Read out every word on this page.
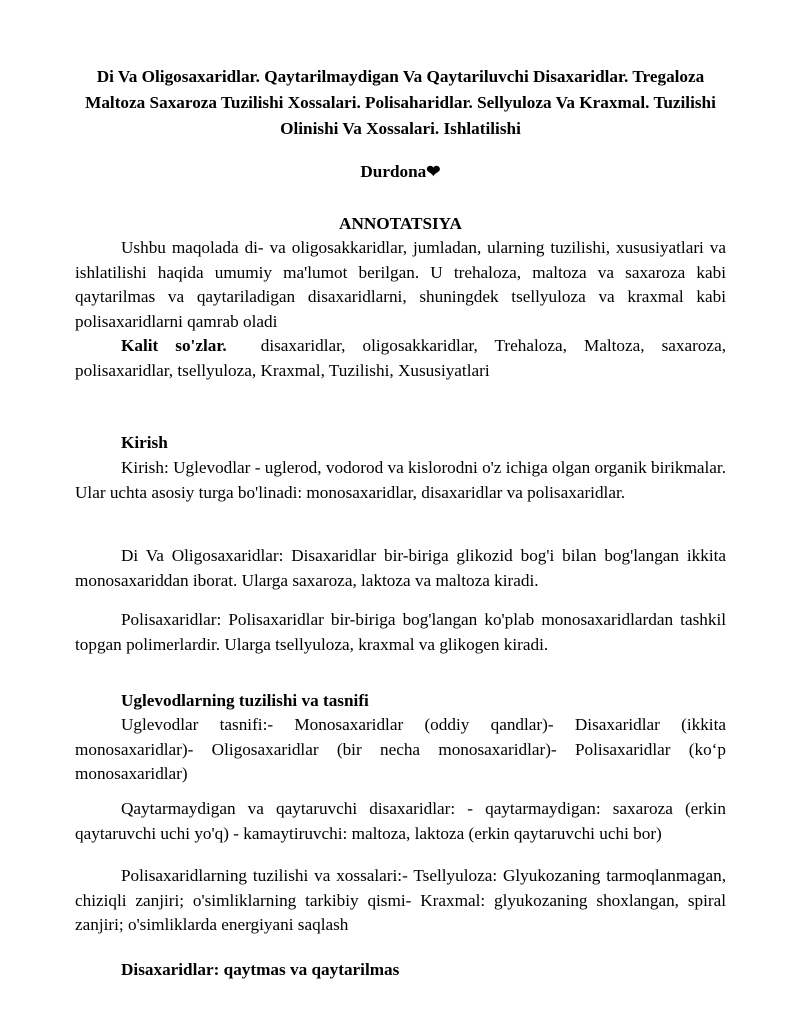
Di Va Oligosaxaridlar. Qaytarilmaydigan Va Qaytariluvchi Disaxaridlar. Tregaloza Maltoza Saxaroza Tuzilishi Xossalari. Polisaharidlar. Sellyuloza Va Kraxmal. Tuzilishi Olinishi Va Xossalari. Ishlatilishi
Durdona❤
ANNOTATSIYA

Ushbu maqolada di- va oligosakkaridlar, jumladan, ularning tuzilishi, xususiyatlari va ishlatilishi haqida umumiy ma'lumot berilgan. U trehaloza, maltoza va saxaroza kabi qaytarilmas va qaytariladigan disaxaridlarni, shuningdek tsellyuloza va kraxmal kabi polisaxaridlarni qamrab oladi

Kalit so'zlar. disaxaridlar, oligosakkaridlar, Trehaloza, Maltoza, saxaroza, polisaxaridlar, tsellyuloza, Kraxmal, Tuzilishi, Xususiyatlari

Kirish

Kirish: Uglevodlar - uglerod, vodorod va kislorodni o'z ichiga olgan organik birikmalar. Ular uchta asosiy turga bo'linadi: monosaxaridlar, disaxaridlar va polisaxaridlar.

Di Va Oligosaxaridlar: Disaxaridlar bir-biriga glikozid bog'i bilan bog'langan ikkita monosaxariddan iborat. Ularga saxaroza, laktoza va maltoza kiradi.

Polisaxaridlar: Polisaxaridlar bir-biriga bog'langan ko'plab monosaxaridlardan tashkil topgan polimerlardir. Ularga tsellyuloza, kraxmal va glikogen kiradi.

Uglevodlarning tuzilishi va tasnifi

Uglevodlar tasnifi:- Monosaxaridlar (oddiy qandlar)- Disaxaridlar (ikkita monosaxaridlar)- Oligosaxaridlar (bir necha monosaxaridlar)- Polisaxaridlar (ko‘p monosaxaridlar)

Qaytarmaydigan va qaytaruvchi disaxaridlar: - qaytarmaydigan: saxaroza (erkin qaytaruvchi uchi yo'q) - kamaytiruvchi: maltoza, laktoza (erkin qaytaruvchi uchi bor)

Polisaxaridlarning tuzilishi va xossalari:- Tsellyuloza: Glyukozaning tarmoqlanmagan, chiziqli zanjiri; o'simliklarning tarkibiy qismi- Kraxmal: glyukozaning shoxlangan, spiral zanjiri; o'simliklarda energiyani saqlash

Disaxaridlar: qaytmas va qaytarilmas
